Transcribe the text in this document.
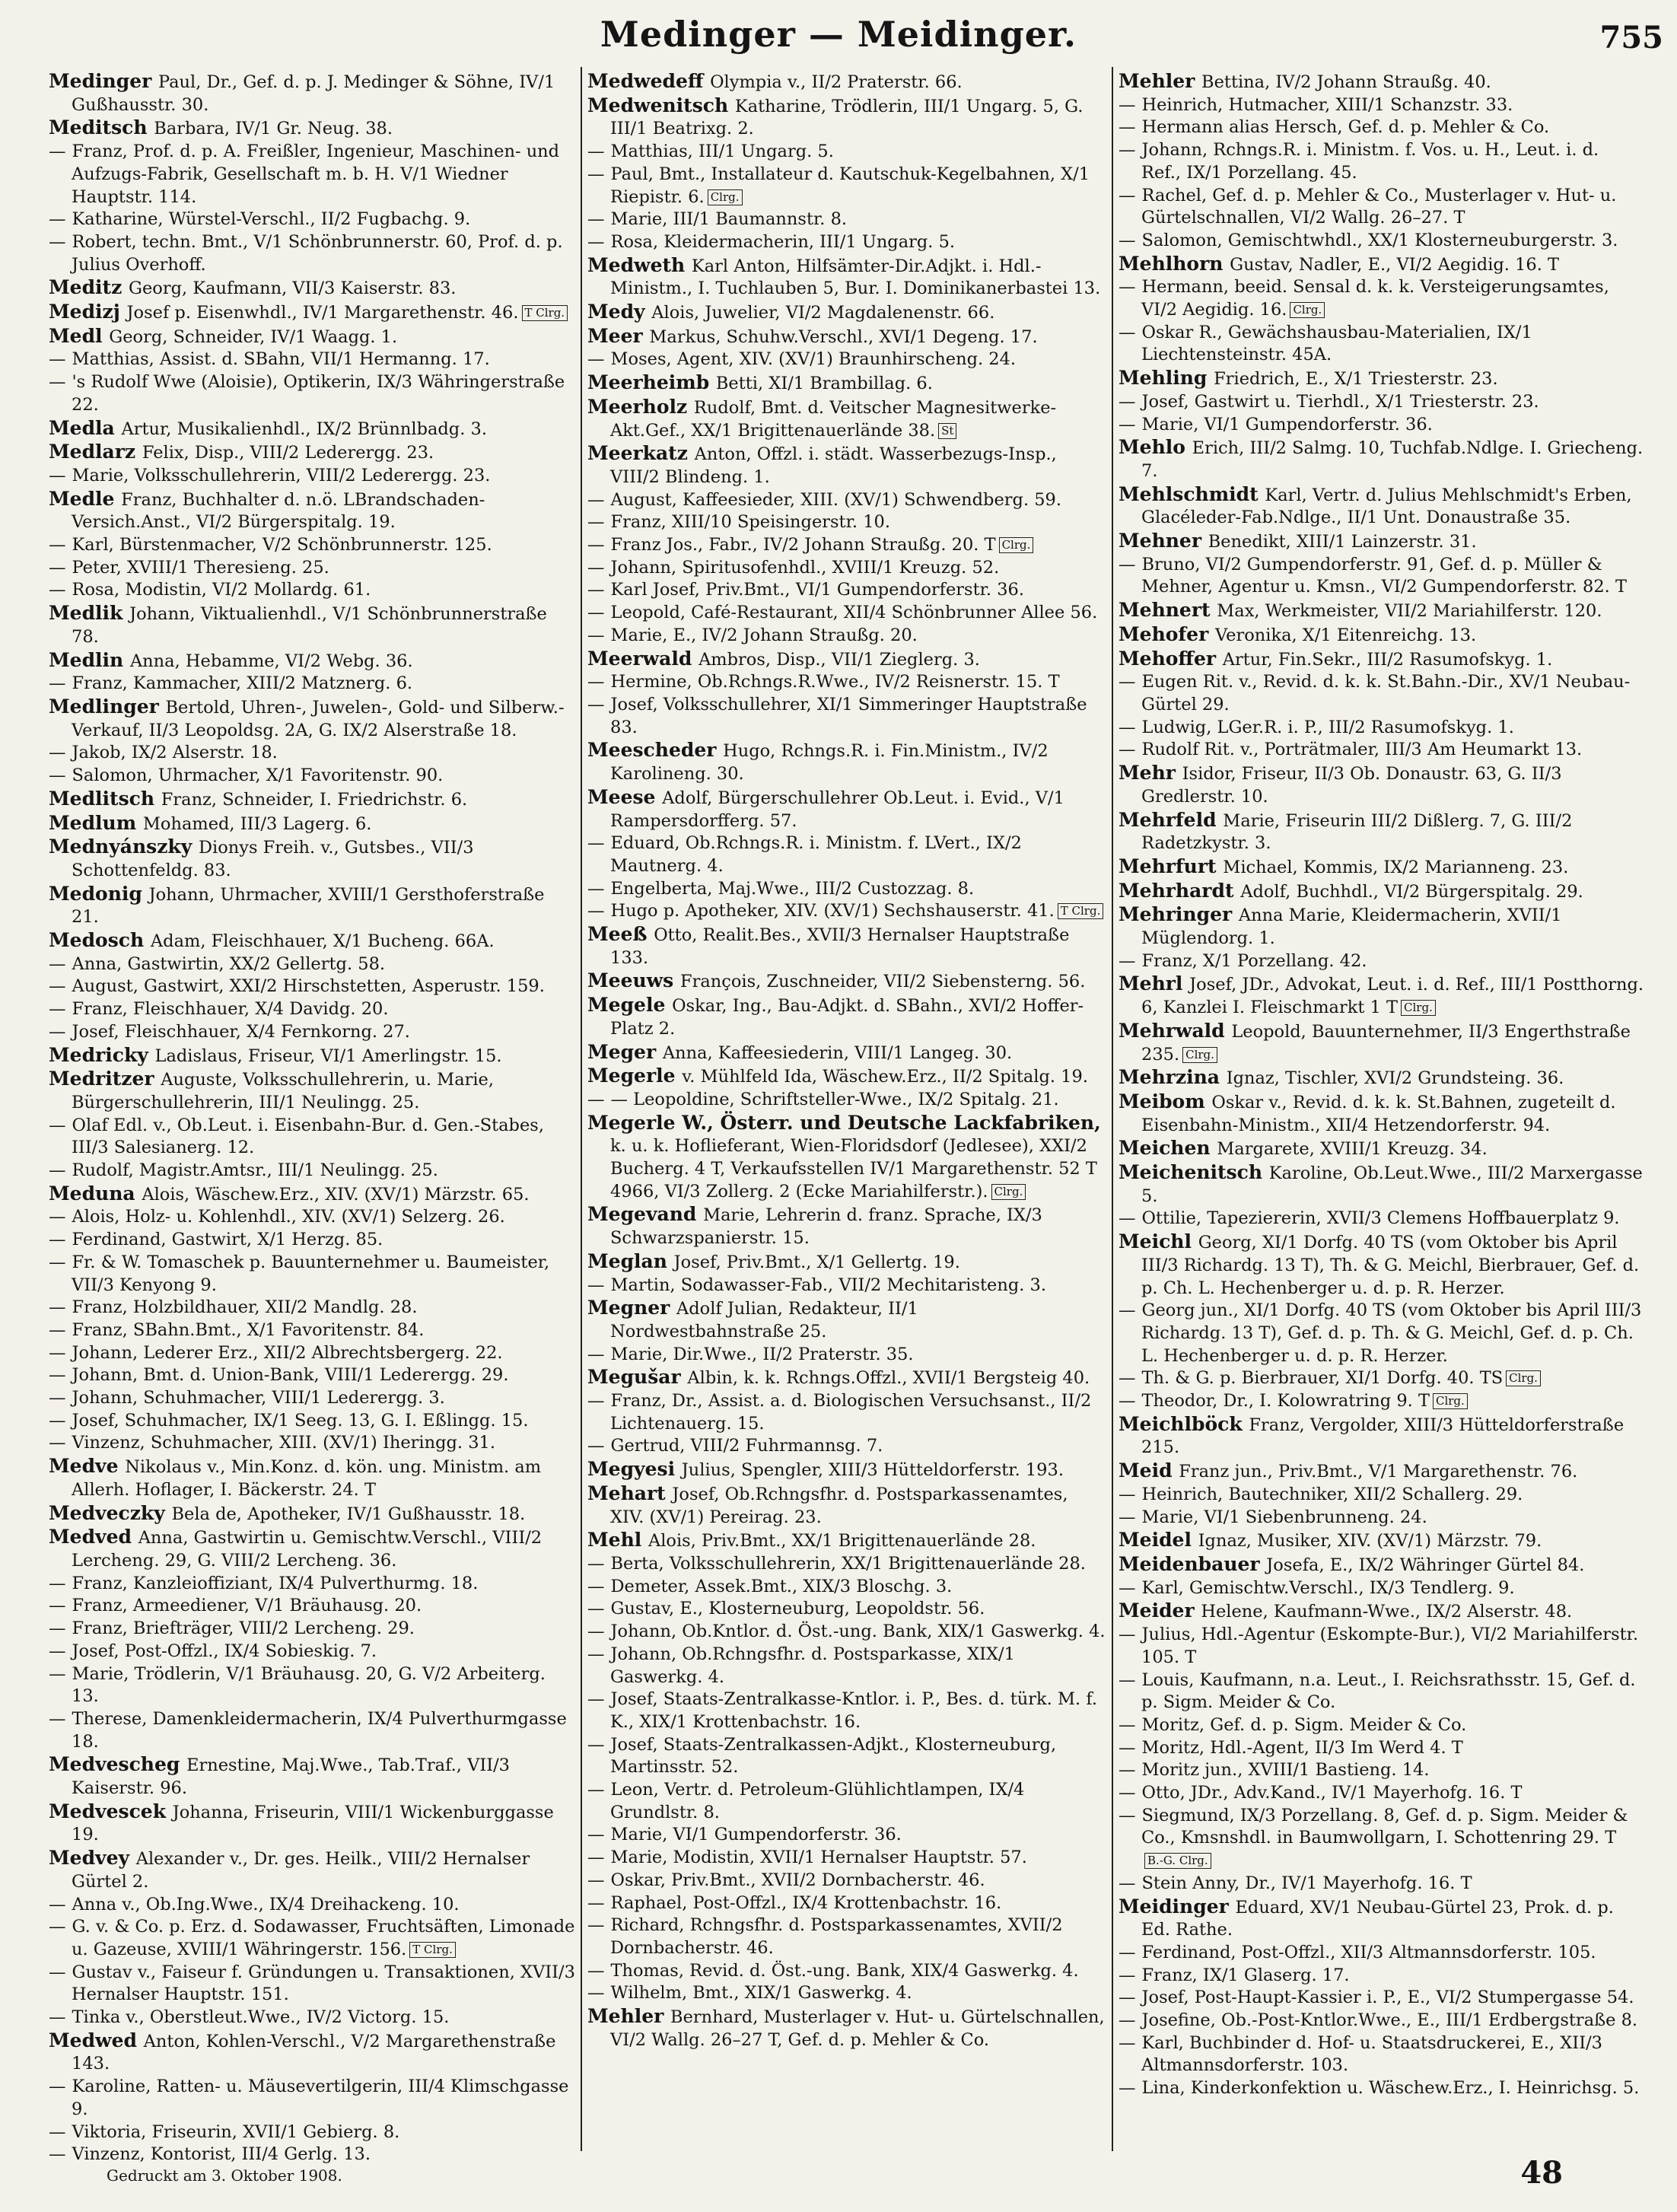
Medinger — Meidinger.	755

Medinger Paul, Dr., Gef. d. p. J. Medinger & Söhne, IV/1 Gußhausstr. 30.

Meditsch Barbara, IV/1 Gr. Neug. 38.

— Franz, Prof. d. p. A. Freißler, Ingenieur, Maschinen- und Aufzugs-Fabrik, Gesellschaft m. b. H. V/1 Wiedner Hauptstr. 114.

— Katharine, Würstel-Verschl., II/2 Fugbachg. 9.

— Robert, techn. Bmt., V/1 Schönbrunnerstr. 60, Prof. d. p. Julius Overhoff.

Meditz Georg, Kaufmann, VII/3 Kaiserstr. 83.

Medizj Josef p. Eisenwhdl., IV/1 Margarethenstr. 46. T Clrg.

Medl Georg, Schneider, IV/1 Waagg. 1.

— Matthias, Assist. d. SBahn, VII/1 Hermanng. 17.

— 's Rudolf Wwe (Aloisie), Optikerin, IX/3 Währingerstraße 22.

Medla Artur, Musikalienhdl., IX/2 Brünnlbadg. 3.

Medlarz Felix, Disp., VIII/2 Lederergg. 23.

— Marie, Volksschullehrerin, VIII/2 Lederergg. 23.

Medle Franz, Buchhalter d. n.ö. LBrandschaden-Versich.Anst., VI/2 Bürgerspitalg. 19.

— Karl, Bürstenmacher, V/2 Schönbrunnerstr. 125.

— Peter, XVIII/1 Theresieng. 25.

— Rosa, Modistin, VI/2 Mollardg. 61.

Medlik Johann, Viktualienhdl., V/1 Schönbrunnerstraße 78.

Medlin Anna, Hebamme, VI/2 Webg. 36.

— Franz, Kammacher, XIII/2 Matznerg. 6.

Medlinger Bertold, Uhren-, Juwelen-, Gold- und Silberw.-Verkauf, II/3 Leopoldsg. 2A, G. IX/2 Alserstraße 18.

— Jakob, IX/2 Alserstr. 18.

— Salomon, Uhrmacher, X/1 Favoritenstr. 90.

Medlitsch Franz, Schneider, I. Friedrichstr. 6.

Medlum Mohamed, III/3 Lagerg. 6.

Mednyánszky Dionys Freih. v., Gutsbes., VII/3 Schottenfeldg. 83.

Medonig Johann, Uhrmacher, XVIII/1 Gersthoferstraße 21.

Medosch Adam, Fleischhauer, X/1 Bucheng. 66A.

— Anna, Gastwirtin, XX/2 Gellertg. 58.

— August, Gastwirt, XXI/2 Hirschstetten, Asperustr. 159.

— Franz, Fleischhauer, X/4 Davidg. 20.

— Josef, Fleischhauer, X/4 Fernkorng. 27.

Medricky Ladislaus, Friseur, VI/1 Amerlingstr. 15.

Medritzer Auguste, Volksschullehrerin, u. Marie, Bürgerschullehrerin, III/1 Neulingg. 25.

— Olaf Edl. v., Ob.Leut. i. Eisenbahn-Bur. d. Gen.-Stabes, III/3 Salesianerg. 12.

— Rudolf, Magistr.Amtsr., III/1 Neulingg. 25.

Meduna Alois, Wäschew.Erz., XIV. (XV/1) Märzstr. 65.

— Alois, Holz- u. Kohlenhdl., XIV. (XV/1) Selzerg. 26.

— Ferdinand, Gastwirt, X/1 Herzg. 85.

— Fr. & W. Tomaschek p. Bauunternehmer u. Baumeister, VII/3 Kenyong 9.

— Franz, Holzbildhauer, XII/2 Mandlg. 28.

— Franz, SBahn.Bmt., X/1 Favoritenstr. 84.

— Johann, Lederer Erz., XII/2 Albrechtsbergerg. 22.

— Johann, Bmt. d. Union-Bank, VIII/1 Lederergg. 29.

— Johann, Schuhmacher, VIII/1 Lederergg. 3.

— Josef, Schuhmacher, IX/1 Seeg. 13, G. I. Eßlingg. 15.

— Vinzenz, Schuhmacher, XIII. (XV/1) Iheringg. 31.

Medve Nikolaus v., Min.Konz. d. kön. ung. Ministm. am Allerh. Hoflager, I. Bäckerstr. 24. T

Medveczky Bela de, Apotheker, IV/1 Gußhausstr. 18.

Medved Anna, Gastwirtin u. Gemischtw.Verschl., VIII/2 Lercheng. 29, G. VIII/2 Lercheng. 36.

— Franz, Kanzleioffiziant, IX/4 Pulverthurmg. 18.

— Franz, Armeediener, V/1 Bräuhausg. 20.

— Franz, Briefträger, VIII/2 Lercheng. 29.

— Josef, Post-Offzl., IX/4 Sobieskig. 7.

— Marie, Trödlerin, V/1 Bräuhausg. 20, G. V/2 Arbeiterg. 13.

— Therese, Damenkleidermacherin, IX/4 Pulverthurmgasse 18.

Medvescheg Ernestine, Maj.Wwe., Tab.Traf., VII/3 Kaiserstr. 96.

Medvescek Johanna, Friseurin, VIII/1 Wickenburggasse 19.

Medvey Alexander v., Dr. ges. Heilk., VIII/2 Hernalser Gürtel 2.

— Anna v., Ob.Ing.Wwe., IX/4 Dreihackeng. 10.

— G. v. & Co. p. Erz. d. Sodawasser, Fruchtsäften, Limonade u. Gazeuse, XVIII/1 Währingerstr. 156. T Clrg.

— Gustav v., Faiseur f. Gründungen u. Transaktionen, XVII/3 Hernalser Hauptstr. 151.

— Tinka v., Oberstleut.Wwe., IV/2 Victorg. 15.

Medwed Anton, Kohlen-Verschl., V/2 Margarethenstraße 143.

— Karoline, Ratten- u. Mäusevertilgerin, III/4 Klimschgasse 9.

— Viktoria, Friseurin, XVII/1 Gebierg. 8.

— Vinzenz, Kontorist, III/4 Gerlg. 13.

Medwedeff Olympia v., II/2 Praterstr. 66.

Medwenitsch Katharine, Trödlerin, III/1 Ungarg. 5, G. III/1 Beatrixg. 2.

— Matthias, III/1 Ungarg. 5.

— Paul, Bmt., Installateur d. Kautschuk-Kegelbahnen, X/1 Riepistr. 6. Clrg.

— Marie, III/1 Baumannstr. 8.

— Rosa, Kleidermacherin, III/1 Ungarg. 5.

Medweth Karl Anton, Hilfsämter-Dir.Adjkt. i. Hdl.-Ministm., I. Tuchlauben 5, Bur. I. Dominikanerbastei 13.

Medy Alois, Juwelier, VI/2 Magdalenenstr. 66.

Meer Markus, Schuhw.Verschl., XVI/1 Degeng. 17.

— Moses, Agent, XIV. (XV/1) Braunhirscheng. 24.

Meerheimb Betti, XI/1 Brambillag. 6.

Meerholz Rudolf, Bmt. d. Veitscher Magnesitwerke-Akt.Gef., XX/1 Brigittenauerlände 38. St

Meerkatz Anton, Offzl. i. städt. Wasserbezugs-Insp., VIII/2 Blindeng. 1.

— August, Kaffeesieder, XIII. (XV/1) Schwendberg. 59.

— Franz, XIII/10 Speisingerstr. 10.

— Franz Jos., Fabr., IV/2 Johann Straußg. 20. T Clrg.

— Johann, Spiritusofenhdl., XVIII/1 Kreuzg. 52.

— Karl Josef, Priv.Bmt., VI/1 Gumpendorferstr. 36.

— Leopold, Café-Restaurant, XII/4 Schönbrunner Allee 56.

— Marie, E., IV/2 Johann Straußg. 20.

Meerwald Ambros, Disp., VII/1 Zieglerg. 3.

— Hermine, Ob.Rchngs.R.Wwe., IV/2 Reisnerstr. 15. T

— Josef, Volksschullehrer, XI/1 Simmeringer Hauptstraße 83.

Meescheder Hugo, Rchngs.R. i. Fin.Ministm., IV/2 Karolineng. 30.

Meese Adolf, Bürgerschullehrer Ob.Leut. i. Evid., V/1 Rampersdorfferg. 57.

— Eduard, Ob.Rchngs.R. i. Ministm. f. LVert., IX/2 Mautnerg. 4.

— Engelberta, Maj.Wwe., III/2 Custozzag. 8.

— Hugo p. Apotheker, XIV. (XV/1) Sechshauserstr. 41. T Clrg.

Meeß Otto, Realit.Bes., XVII/3 Hernalser Hauptstraße 133.

Meeuws François, Zuschneider, VII/2 Siebensterng. 56.

Megele Oskar, Ing., Bau-Adjkt. d. SBahn., XVI/2 Hoffer-Platz 2.

Meger Anna, Kaffeesiederin, VIII/1 Langeg. 30.

Megerle v. Mühlfeld Ida, Wäschew.Erz., II/2 Spitalg. 19.

— — Leopoldine, Schriftsteller-Wwe., IX/2 Spitalg. 21.

Megerle W., Österr. und Deutsche Lackfabriken, k. u. k. Hoflieferant, Wien-Floridsdorf (Jedlesee), XXI/2 Bucherg. 4 T, Verkaufsstellen IV/1 Margarethenstr. 52 T 4966, VI/3 Zollerg. 2 (Ecke Mariahilferstr.). Clrg.

Megevand Marie, Lehrerin d. franz. Sprache, IX/3 Schwarzspanierstr. 15.

Meglan Josef, Priv.Bmt., X/1 Gellertg. 19.

— Martin, Sodawasser-Fab., VII/2 Mechitaristeng. 3.

Megner Adolf Julian, Redakteur, II/1 Nordwestbahnstraße 25.

— Marie, Dir.Wwe., II/2 Praterstr. 35.

Megušar Albin, k. k. Rchngs.Offzl., XVII/1 Bergsteig 40.

— Franz, Dr., Assist. a. d. Biologischen Versuchsanst., II/2 Lichtenauerg. 15.

— Gertrud, VIII/2 Fuhrmannsg. 7.

Megyesi Julius, Spengler, XIII/3 Hütteldorferstr. 193.

Mehart Josef, Ob.Rchngsfhr. d. Postsparkassenamtes, XIV. (XV/1) Pereirag. 23.

Mehl Alois, Priv.Bmt., XX/1 Brigittenauerlände 28.

— Berta, Volksschullehrerin, XX/1 Brigittenauerlände 28.

— Demeter, Assek.Bmt., XIX/3 Bloschg. 3.

— Gustav, E., Klosterneuburg, Leopoldstr. 56.

— Johann, Ob.Kntlor. d. Öst.-ung. Bank, XIX/1 Gaswerkg. 4.

— Johann, Ob.Rchngsfhr. d. Postsparkasse, XIX/1 Gaswerkg. 4.

— Josef, Staats-Zentralkasse-Kntlor. i. P., Bes. d. türk. M. f. K., XIX/1 Krottenbachstr. 16.

— Josef, Staats-Zentralkassen-Adjkt., Klosterneuburg, Martinsstr. 52.

— Leon, Vertr. d. Petroleum-Glühlichtlampen, IX/4 Grundlstr. 8.

— Marie, VI/1 Gumpendorferstr. 36.

— Marie, Modistin, XVII/1 Hernalser Hauptstr. 57.

— Oskar, Priv.Bmt., XVII/2 Dornbacherstr. 46.

— Raphael, Post-Offzl., IX/4 Krottenbachstr. 16.

— Richard, Rchngsfhr. d. Postsparkassenamtes, XVII/2 Dornbacherstr. 46.

— Thomas, Revid. d. Öst.-ung. Bank, XIX/4 Gaswerkg. 4.

— Wilhelm, Bmt., XIX/1 Gaswerkg. 4.

Mehler Bernhard, Musterlager v. Hut- u. Gürtelschnallen, VI/2 Wallg. 26–27 T, Gef. d. p. Mehler & Co.

Mehler Bettina, IV/2 Johann Straußg. 40.

— Heinrich, Hutmacher, XIII/1 Schanzstr. 33.

— Hermann alias Hersch, Gef. d. p. Mehler & Co.

— Johann, Rchngs.R. i. Ministm. f. Vos. u. H., Leut. i. d. Ref., IX/1 Porzellang. 45.

— Rachel, Gef. d. p. Mehler & Co., Musterlager v. Hut- u. Gürtelschnallen, VI/2 Wallg. 26–27. T

— Salomon, Gemischtwhdl., XX/1 Klosterneuburgerstr. 3.

Mehlhorn Gustav, Nadler, E., VI/2 Aegidig. 16. T

— Hermann, beeid. Sensal d. k. k. Versteigerungsamtes, VI/2 Aegidig. 16. Clrg.

— Oskar R., Gewächshausbau-Materialien, IX/1 Liechtensteinstr. 45A.

Mehling Friedrich, E., X/1 Triesterstr. 23.

— Josef, Gastwirt u. Tierhdl., X/1 Triesterstr. 23.

— Marie, VI/1 Gumpendorferstr. 36.

Mehlo Erich, III/2 Salmg. 10, Tuchfab.Ndlge. I. Griecheng. 7.

Mehlschmidt Karl, Vertr. d. Julius Mehlschmidt's Erben, Glacéleder-Fab.Ndlge., II/1 Unt. Donaustraße 35.

Mehner Benedikt, XIII/1 Lainzerstr. 31.

— Bruno, VI/2 Gumpendorferstr. 91, Gef. d. p. Müller & Mehner, Agentur u. Kmsn., VI/2 Gumpendorferstr. 82. T

Mehnert Max, Werkmeister, VII/2 Mariahilferstr. 120.

Mehofer Veronika, X/1 Eitenreichg. 13.

Mehoffer Artur, Fin.Sekr., III/2 Rasumofskyg. 1.

— Eugen Rit. v., Revid. d. k. k. St.Bahn.-Dir., XV/1 Neubau-Gürtel 29.

— Ludwig, LGer.R. i. P., III/2 Rasumofskyg. 1.

— Rudolf Rit. v., Porträtmaler, III/3 Am Heumarkt 13.

Mehr Isidor, Friseur, II/3 Ob. Donaustr. 63, G. II/3 Gredlerstr. 10.

Mehrfeld Marie, Friseurin III/2 Dißlerg. 7, G. III/2 Radetzkystr. 3.

Mehrfurt Michael, Kommis, IX/2 Marianneng. 23.

Mehrhardt Adolf, Buchhdl., VI/2 Bürgerspitalg. 29.

Mehringer Anna Marie, Kleidermacherin, XVII/1 Müglendorg. 1.

— Franz, X/1 Porzellang. 42.

Mehrl Josef, JDr., Advokat, Leut. i. d. Ref., III/1 Postthorng. 6, Kanzlei I. Fleischmarkt 1 T Clrg.

Mehrwald Leopold, Bauunternehmer, II/3 Engerthstraße 235. Clrg.

Mehrzina Ignaz, Tischler, XVI/2 Grundsteing. 36.

Meibom Oskar v., Revid. d. k. k. St.Bahnen, zugeteilt d. Eisenbahn-Ministm., XII/4 Hetzendorferstr. 94.

Meichen Margarete, XVIII/1 Kreuzg. 34.

Meichenitsch Karoline, Ob.Leut.Wwe., III/2 Marxergasse 5.

— Ottilie, Tapeziererin, XVII/3 Clemens Hoffbauerplatz 9.

Meichl Georg, XI/1 Dorfg. 40 TS (vom Oktober bis April III/3 Richardg. 13 T), Th. & G. Meichl, Bierbrauer, Gef. d. p. Ch. L. Hechenberger u. d. p. R. Herzer.

— Georg jun., XI/1 Dorfg. 40 TS (vom Oktober bis April III/3 Richardg. 13 T), Gef. d. p. Th. & G. Meichl, Gef. d. p. Ch. L. Hechenberger u. d. p. R. Herzer.

— Th. & G. p. Bierbrauer, XI/1 Dorfg. 40. TS Clrg.

— Theodor, Dr., I. Kolowratring 9. T Clrg.

Meichlböck Franz, Vergolder, XIII/3 Hütteldorferstraße 215.

Meid Franz jun., Priv.Bmt., V/1 Margarethenstr. 76.

— Heinrich, Bautechniker, XII/2 Schallerg. 29.

— Marie, VI/1 Siebenbrunneng. 24.

Meidel Ignaz, Musiker, XIV. (XV/1) Märzstr. 79.

Meidenbauer Josefa, E., IX/2 Währinger Gürtel 84.

— Karl, Gemischtw.Verschl., IX/3 Tendlerg. 9.

Meider Helene, Kaufmann-Wwe., IX/2 Alserstr. 48.

— Julius, Hdl.-Agentur (Eskompte-Bur.), VI/2 Mariahilferstr. 105. T

— Louis, Kaufmann, n.a. Leut., I. Reichsrathsstr. 15, Gef. d. p. Sigm. Meider & Co.

— Moritz, Gef. d. p. Sigm. Meider & Co.

— Moritz, Hdl.-Agent, II/3 Im Werd 4. T

— Moritz jun., XVIII/1 Bastieng. 14.

— Otto, JDr., Adv.Kand., IV/1 Mayerhofg. 16. T

— Siegmund, IX/3 Porzellang. 8, Gef. d. p. Sigm. Meider & Co., Kmsnshdl. in Baumwollgarn, I. Schottenring 29. TB.-G. Clrg.

— Stein Anny, Dr., IV/1 Mayerhofg. 16. T

Meidinger Eduard, XV/1 Neubau-Gürtel 23, Prok. d. p. Ed. Rathe.

— Ferdinand, Post-Offzl., XII/3 Altmannsdorferstr. 105.

— Franz, IX/1 Glaserg. 17.

— Josef, Post-Haupt-Kassier i. P., E., VI/2 Stumpergasse 54.

— Josefine, Ob.-Post-Kntlor.Wwe., E., III/1 Erdbergstraße 8.

— Karl, Buchbinder d. Hof- u. Staatsdruckerei, E., XII/3 Altmannsdorferstr. 103.

— Lina, Kinderkonfektion u. Wäschew.Erz., I. Heinrichsg. 5.

Gedruckt am 3. Oktober 1908.	48
